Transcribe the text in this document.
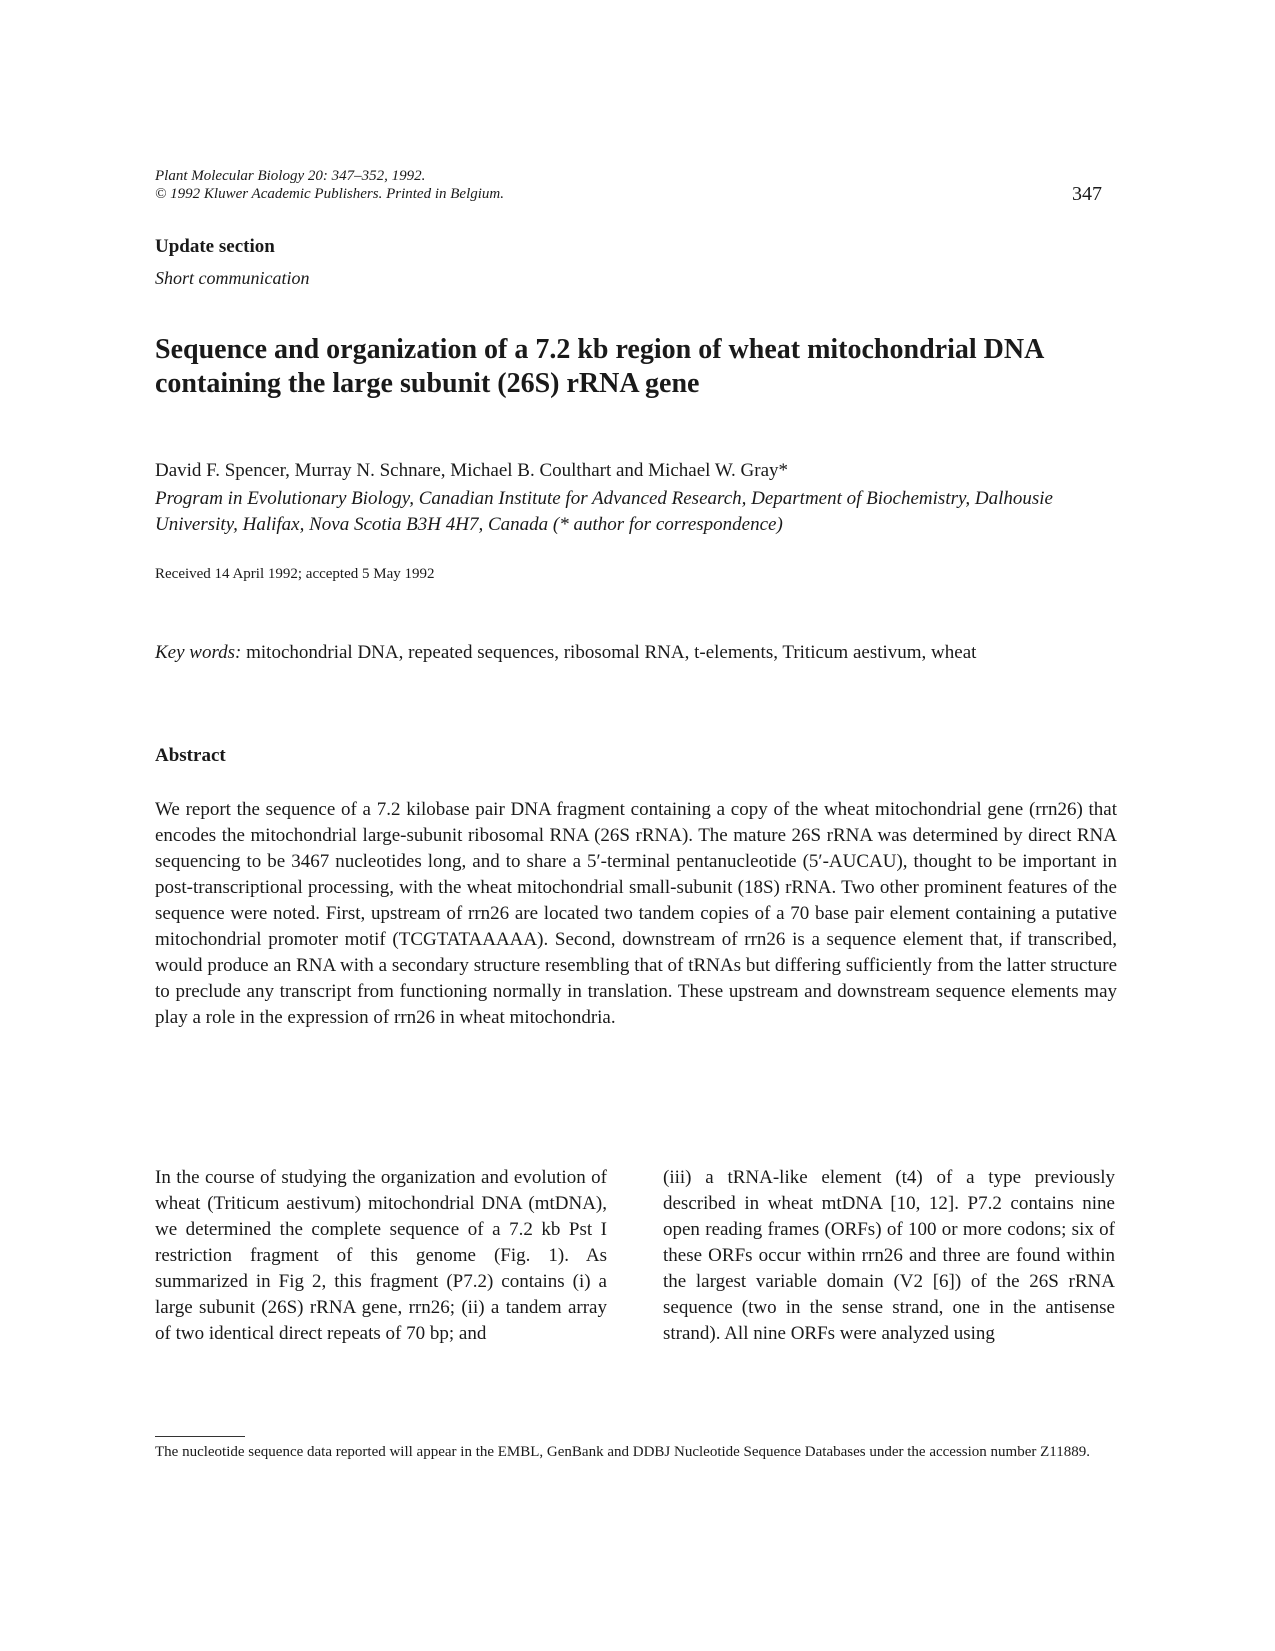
Plant Molecular Biology 20: 347–352, 1992.
© 1992 Kluwer Academic Publishers. Printed in Belgium.	347
Update section
Short communication
Sequence and organization of a 7.2 kb region of wheat mitochondrial DNA containing the large subunit (26S) rRNA gene
David F. Spencer, Murray N. Schnare, Michael B. Coulthart and Michael W. Gray*
Program in Evolutionary Biology, Canadian Institute for Advanced Research, Department of Biochemistry, Dalhousie University, Halifax, Nova Scotia B3H 4H7, Canada (* author for correspondence)
Received 14 April 1992; accepted 5 May 1992
Key words: mitochondrial DNA, repeated sequences, ribosomal RNA, t-elements, Triticum aestivum, wheat
Abstract

We report the sequence of a 7.2 kilobase pair DNA fragment containing a copy of the wheat mitochondrial gene (rrn26) that encodes the mitochondrial large-subunit ribosomal RNA (26S rRNA). The mature 26S rRNA was determined by direct RNA sequencing to be 3467 nucleotides long, and to share a 5′-terminal pentanucleotide (5′-AUCAU), thought to be important in post-transcriptional processing, with the wheat mitochondrial small-subunit (18S) rRNA. Two other prominent features of the sequence were noted. First, upstream of rrn26 are located two tandem copies of a 70 base pair element containing a putative mitochondrial promoter motif (TCGTATAAAAA). Second, downstream of rrn26 is a sequence element that, if transcribed, would produce an RNA with a secondary structure resembling that of tRNAs but differing sufficiently from the latter structure to preclude any transcript from functioning normally in translation. These upstream and downstream sequence elements may play a role in the expression of rrn26 in wheat mitochondria.

In the course of studying the organization and evolution of wheat (Triticum aestivum) mitochondrial DNA (mtDNA), we determined the complete sequence of a 7.2 kb Pst I restriction fragment of this genome (Fig. 1). As summarized in Fig 2, this fragment (P7.2) contains (i) a large subunit (26S) rRNA gene, rrn26; (ii) a tandem array of two identical direct repeats of 70 bp; and

(iii) a tRNA-like element (t4) of a type previously described in wheat mtDNA [10, 12]. P7.2 contains nine open reading frames (ORFs) of 100 or more codons; six of these ORFs occur within rrn26 and three are found within the largest variable domain (V2 [6]) of the 26S rRNA sequence (two in the sense strand, one in the antisense strand). All nine ORFs were analyzed using

The nucleotide sequence data reported will appear in the EMBL, GenBank and DDBJ Nucleotide Sequence Databases under the accession number Z11889.
